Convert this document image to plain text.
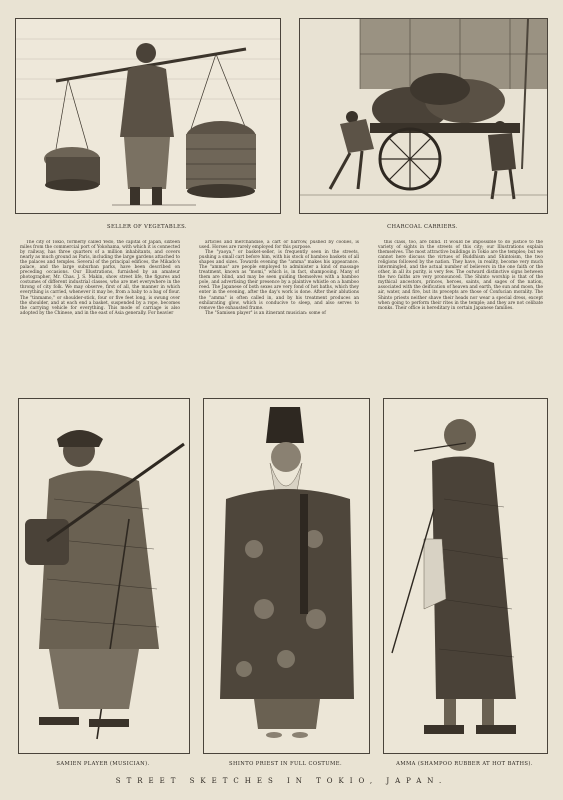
SELLER OF VEGETABLES.	CHARCOAL CARRIERS.

The city of Tokio, formerly called Yedo, the capital of Japan, sixteen miles from the commercial port of Yokohama, with which it is connected by railway, has three quarters of a million inhabitants, and covers nearly as much ground as Paris, including the large gardens attached to the palaces and temples. Several of the principal edifices, the Mikado's palace, and the large suburban parks, have been described on preceding occasions. Our Illustrations, furnished by an amateur photographer, Mr. Chas. J. S. Makin, show street life, the figures and costumes of different industrial classes, who are met everywhere in the throng of city folk. We may observe, first of all, the manner in which everything is carried, whenever it may be, from a baby to a bag of flour. The "tinmamo," or shoulder-stick, four or five feet long, is swung over the shoulder, and at each end a basket, suspended by a rope, becomes the carrying vehicle for everything. This mode of carriage is also adopted by the Chinese, and in the east of Asia generally. For heavier

articles and merchandise, a cart or barrow, pushed by coolies, is used. Horses are rarely employed for this purpose.

The "yaoya," or basket-seller, is frequently seen in the streets, pushing a small cart before him, with his stock of bamboo baskets of all shapes and sizes. Towards evening the "amma" makes his appearance. The "ammas" are people employed to administer a kind of massage treatment, known as "momi," which is, in fact, shampooing. Many of them are blind, and may be seen guiding themselves with a bamboo pole, and advertising their presence by a plaintive whistle on a bamboo reed. The Japanese of both sexes are very fond of hot baths, which they enter in the evening, after the day's work is done. After their ablutions the "amma" is often called in, and by his treatment produces an exhilarating glow, which is conducive to sleep, and also serves to remove the exhausted frame.

The "Samisen player" is an itinerant musician: some of

this class, too, are blind. It would be impossible to do justice to the variety of sights in the streets of this city; our Illustrations explain themselves. The most attractive buildings in Tokio are the temples; but we cannot here discuss the virtues of Buddhism and Shintoism, the two religions followed by the nation. They have, in reality, become very much intermingled, and the actual number of believers in the one faith or the other, in all its purity, is very few. The outward distinctive signs between the two faiths are very pronounced. The Shinto worship is that of the mythical ancestors, princes, heroes, saints, and sages of the nation, associated with the deification of heaven and earth, the sun and moon, the air, water, and fire, but its precepts are those of Confucian morality. The Shinto priests neither shave their heads nor wear a special dress, except when going to perform their rites in the temple; and they are not celibate monks. Their office is hereditary in certain Japanese families.

SAMIEN PLAYER (MUSICIAN).	SHINTO PRIEST IN FULL COSTUME.	AMMA (SHAMPOO RUBBER AT HOT BATHS).
STREET SKETCHES IN TOKIO, JAPAN.
